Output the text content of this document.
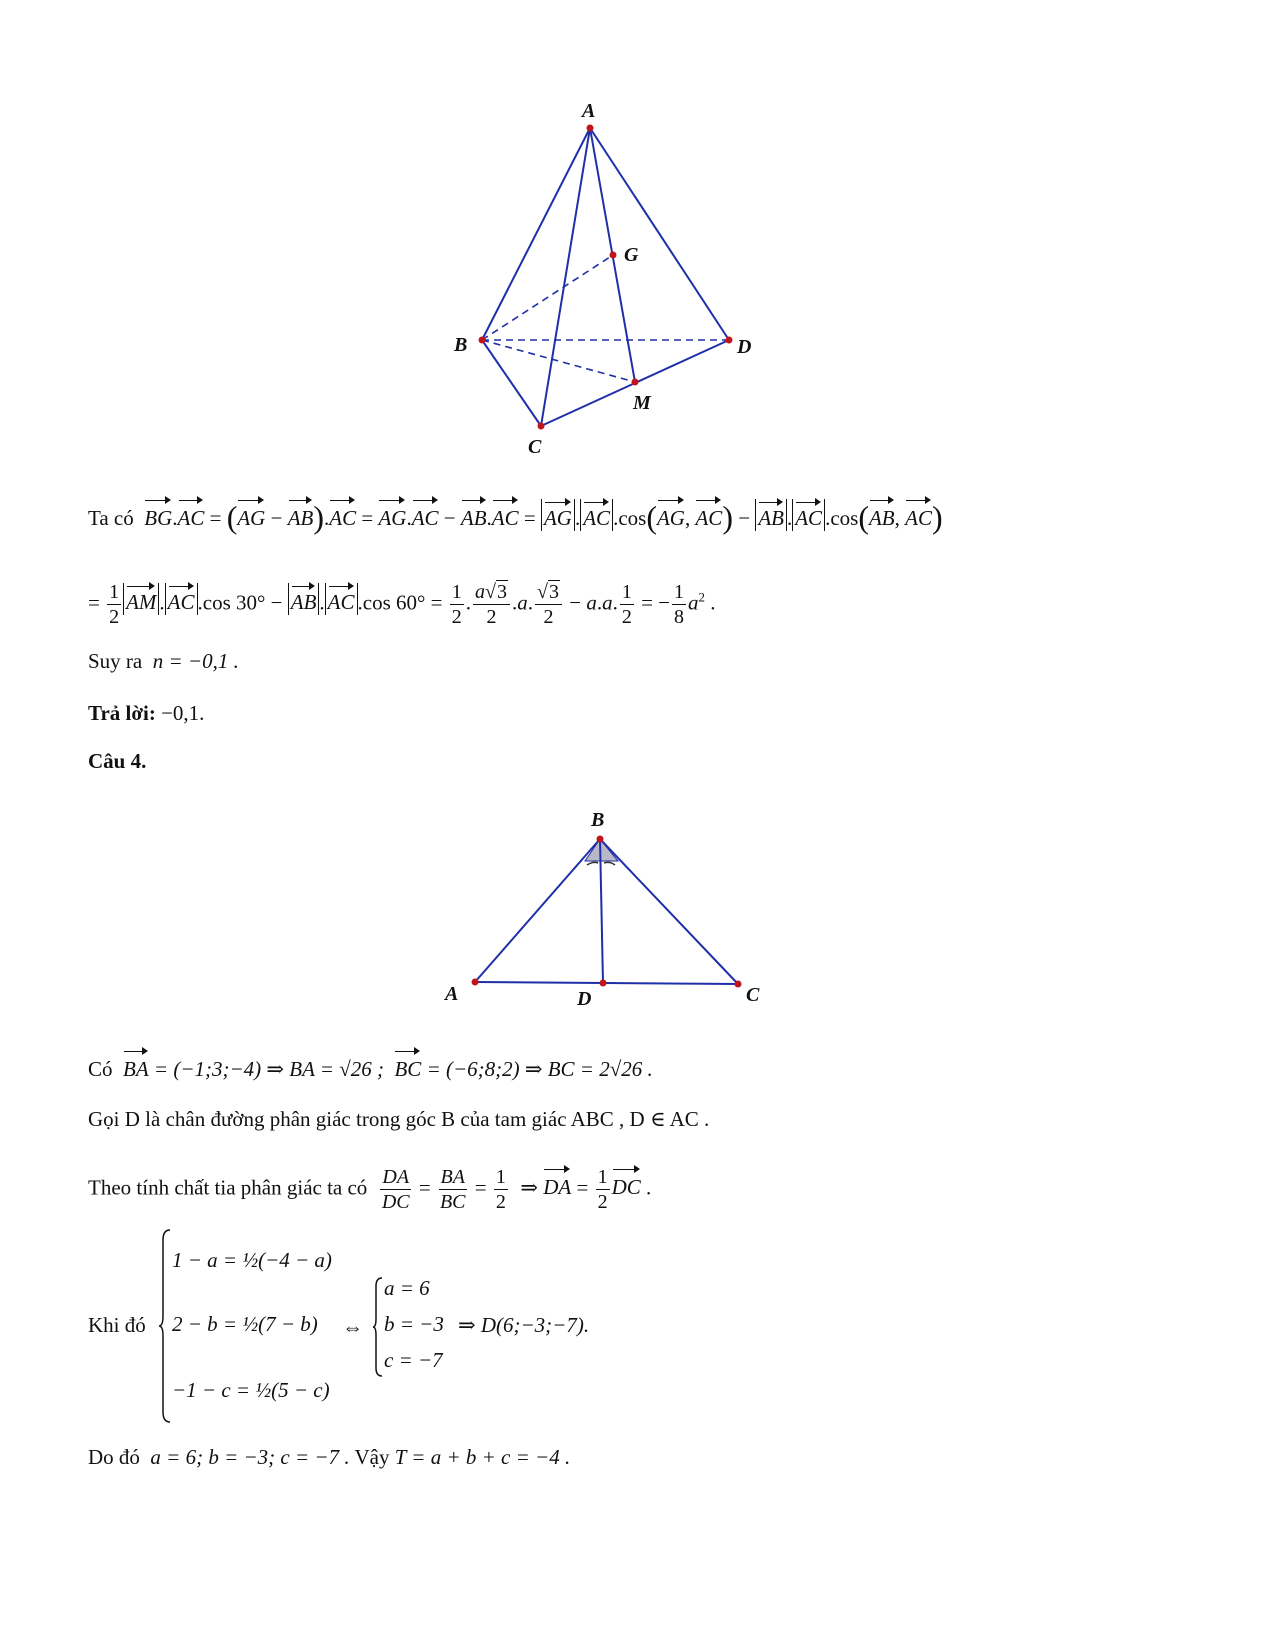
A
G
B	D
M
C
Ta có BG.AC = (AG − AB).AC = AG.AC − AB.AC = AG . AC .cos(AG, AC) − AB . AC .cos(AB, AC)
= $\frac{1}{2}$ AM . AC .cos 30° − AB . AC .cos $60^\circ = \frac{1}{2}$ . $\frac{a√3}{2} .a$. $\frac{√3}{2} - a.a$. $\frac{1}{2}$ = − $\frac{1}{8} a^2$ .
Suy ra n = −0,1 .
Trả lời: −0,1.
Câu 4.
B
A	D	C
Có BA = (−1;3;−4) ⇒ BA = √26 ; BC = (−6;8;2) ⇒ BC = 2√26 .
Gọi D là chân đường phân giác trong góc B của tam giác ABC , D ∈ AC .
Theo tính chất tia phân giác ta có $\frac{DA}{DC} = \frac{BA}{BC} = \frac{1}{2}$ ⇒ DA = $\frac{1}{2}$ DC .
Khi đó
1 − a = ½(−4 − a)
2 − b = ½(7 − b)
−1 − c = ½(5 − c)
⇔
a = 6
b = −3
c = −7
⇒ D(6;−3;−7).
Do đó a = 6; b = −3; c = −7 . Vậy T = a + b + c = −4 .
